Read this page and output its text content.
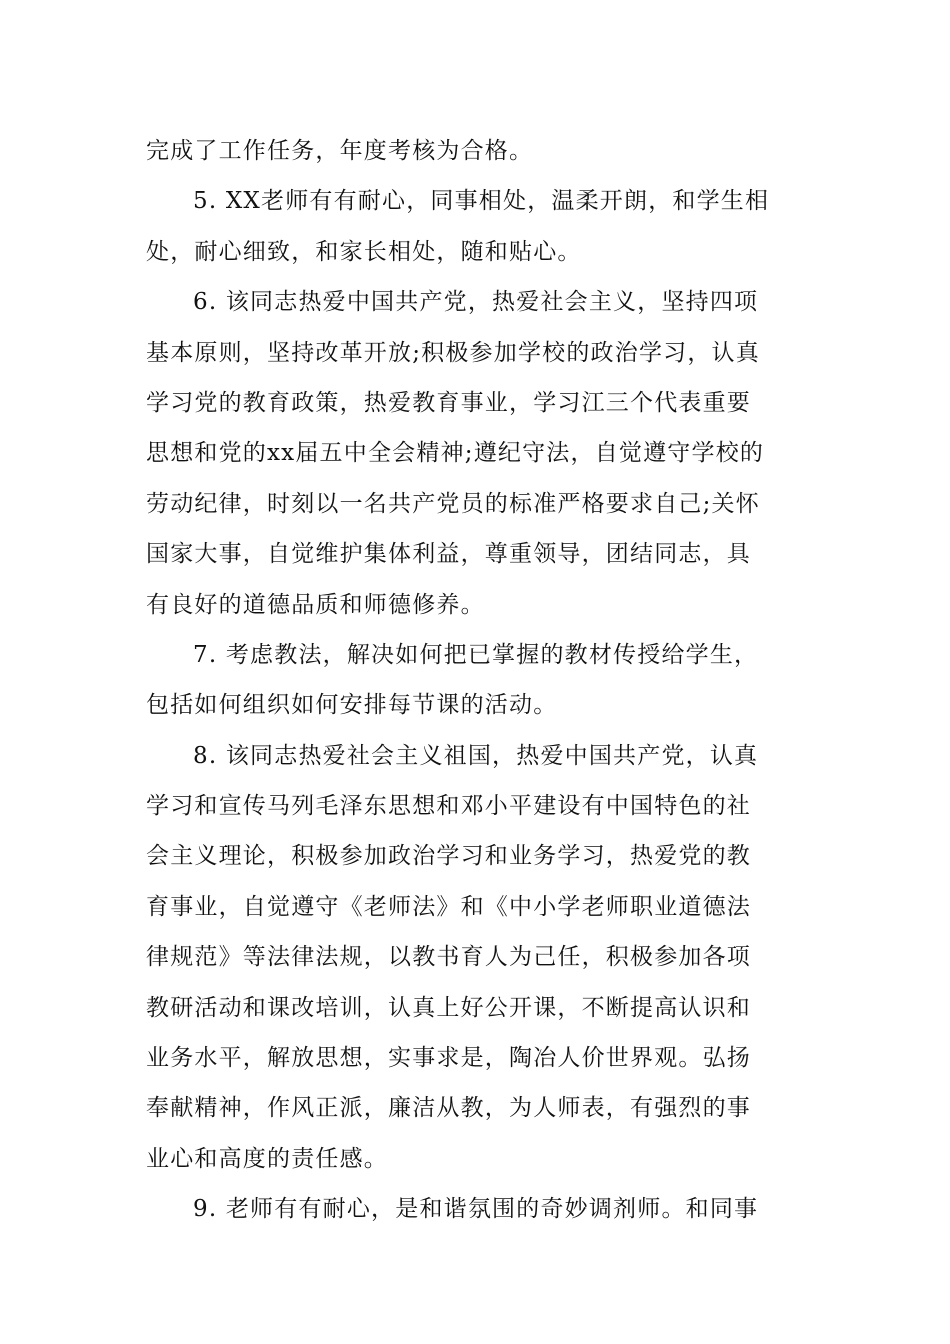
完成了工作任务，年度考核为合格。
5. XX老师有有耐心，同事相处，温柔开朗，和学生相
处，耐心细致，和家长相处，随和贴心。
6. 该同志热爱中国共产党，热爱社会主义，坚持四项
基本原则，坚持改革开放;积极参加学校的政治学习，认真
学习党的教育政策，热爱教育事业，学习江三个代表重要
思想和党的xx届五中全会精神;遵纪守法，自觉遵守学校的
劳动纪律，时刻以一名共产党员的标准严格要求自己;关怀
国家大事，自觉维护集体利益，尊重领导，团结同志，具
有良好的道德品质和师德修养。
7. 考虑教法，解决如何把已掌握的教材传授给学生，
包括如何组织如何安排每节课的活动。
8. 该同志热爱社会主义祖国，热爱中国共产党，认真
学习和宣传马列毛泽东思想和邓小平建设有中国特色的社
会主义理论，积极参加政治学习和业务学习，热爱党的教
育事业，自觉遵守《老师法》和《中小学老师职业道德法
律规范》等法律法规，以教书育人为己任，积极参加各项
教研活动和课改培训，认真上好公开课，不断提高认识和
业务水平，解放思想，实事求是，陶冶人价世界观。弘扬
奉献精神，作风正派，廉洁从教，为人师表，有强烈的事
业心和高度的责任感。
9. 老师有有耐心，是和谐氛围的奇妙调剂师。和同事
